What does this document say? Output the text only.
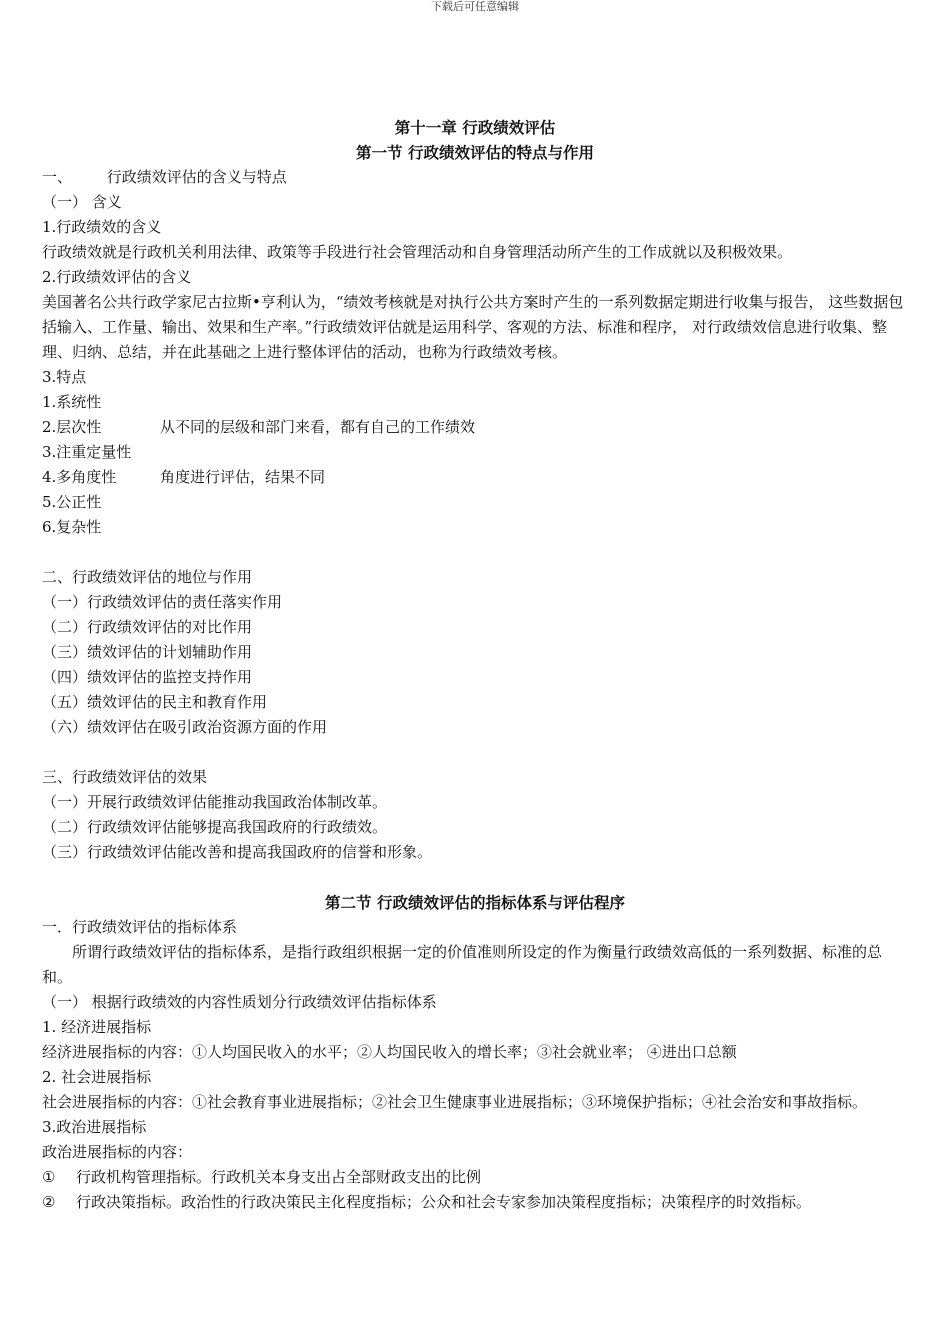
下载后可任意编辑
第十一章 行政绩效评估
第一节 行政绩效评估的特点与作用
一、 行政绩效评估的含义与特点
（一） 含义
1.行政绩效的含义
行政绩效就是行政机关利用法律、政策等手段进行社会管理活动和自身管理活动所产生的工作成就以及积极效果。
2.行政绩效评估的含义
美国著名公共行政学家尼古拉斯•亨利认为，“绩效考核就是对执行公共方案时产生的一系列数据定期进行收集与报告， 这些数据包括输入、工作量、输出、效果和生产率。”行政绩效评估就是运用科学、客观的方法、标准和程序， 对行政绩效信息进行收集、整理、归纳、总结，并在此基础之上进行整体评估的活动，也称为行政绩效考核。
3.特点
1.系统性
2.层次性	从不同的层级和部门来看，都有自己的工作绩效
3.注重定量性
4.多角度性	角度进行评估，结果不同
5.公正性
6.复杂性
二、行政绩效评估的地位与作用
（一）行政绩效评估的责任落实作用
（二）行政绩效评估的对比作用
（三）绩效评估的计划辅助作用
（四）绩效评估的监控支持作用
（五）绩效评估的民主和教育作用
（六）绩效评估在吸引政治资源方面的作用
三、行政绩效评估的效果
（一）开展行政绩效评估能推动我国政治体制改革。
（二）行政绩效评估能够提高我国政府的行政绩效。
（三）行政绩效评估能改善和提高我国政府的信誉和形象。
第二节 行政绩效评估的指标体系与评估程序
一．行政绩效评估的指标体系
所谓行政绩效评估的指标体系，是指行政组织根据一定的价值准则所设定的作为衡量行政绩效高低的一系列数据、标准的总和。
（一） 根据行政绩效的内容性质划分行政绩效评估指标体系
1. 经济进展指标
经济进展指标的内容：①人均国民收入的水平；②人均国民收入的增长率；③社会就业率； ④进出口总额
2. 社会进展指标
社会进展指标的内容：①社会教育事业进展指标；②社会卫生健康事业进展指标；③环境保护指标；④社会治安和事故指标。
3.政治进展指标
政治进展指标的内容：
① 行政机构管理指标。行政机关本身支出占全部财政支出的比例
② 行政决策指标。政治性的行政决策民主化程度指标；公众和社会专家参加决策程度指标；决策程序的时效指标。
